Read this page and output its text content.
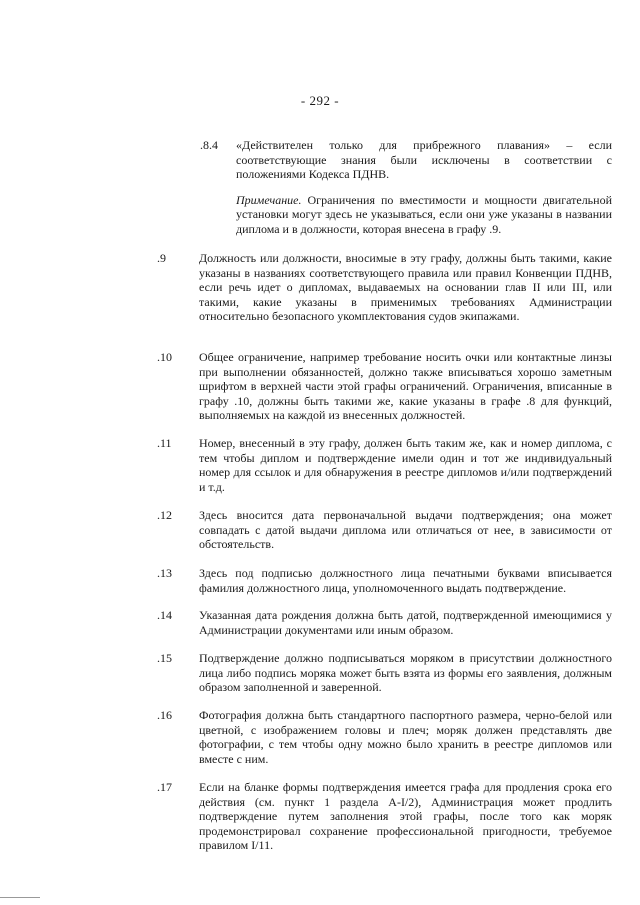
- 292 -
.8.4 «Действителен только для прибрежного плавания» – если соответствующие знания были исключены в соответствии с положениями Кодекса ПДНВ.

Примечание. Ограничения по вместимости и мощности двигательной установки могут здесь не указываться, если они уже указаны в названии диплома и в должности, которая внесена в графу .9.

.9	Должность или должности, вносимые в эту графу, должны быть такими, какие указаны в названиях соответствующего правила или правил Конвенции ПДНВ, если речь идет о дипломах, выдаваемых на основании глав II или III, или такими, какие указаны в применимых требованиях Администрации относительно безопасного укомплектования судов экипажами.

.10 Общее ограничение, например требование носить очки или контактные линзы при выполнении обязанностей, должно также вписываться хорошо заметным шрифтом в верхней части этой графы ограничений. Ограничения, вписанные в графу .10, должны быть такими же, какие указаны в графе .8 для функций, выполняемых на каждой из внесенных должностей.

.11 Номер, внесенный в эту графу, должен быть таким же, как и номер диплома, с тем чтобы диплом и подтверждение имели один и тот же индивидуальный номер для ссылок и для обнаружения в реестре дипломов и/или подтверждений и т.д.

.12 Здесь вносится дата первоначальной выдачи подтверждения; она может совпадать с датой выдачи диплома или отличаться от нее, в зависимости от обстоятельств.

.13 Здесь под подписью должностного лица печатными буквами вписывается фамилия должностного лица, уполномоченного выдать подтверждение.

.14 Указанная дата рождения должна быть датой, подтвержденной имеющимися у Администрации документами или иным образом.

.15 Подтверждение должно подписываться моряком в присутствии должностного лица либо подпись моряка может быть взята из формы его заявления, должным образом заполненной и заверенной.

.16 Фотография должна быть стандартного паспортного размера, черно-белой или цветной, с изображением головы и плеч; моряк должен представлять две фотографии, с тем чтобы одну можно было хранить в реестре дипломов или вместе с ним.

.17 Если на бланке формы подтверждения имеется графа для продления срока его действия (см. пункт 1 раздела A-I/2), Администрация может продлить подтверждение путем заполнения этой графы, после того как моряк продемонстрировал сохранение профессиональной пригодности, требуемое правилом I/11.
